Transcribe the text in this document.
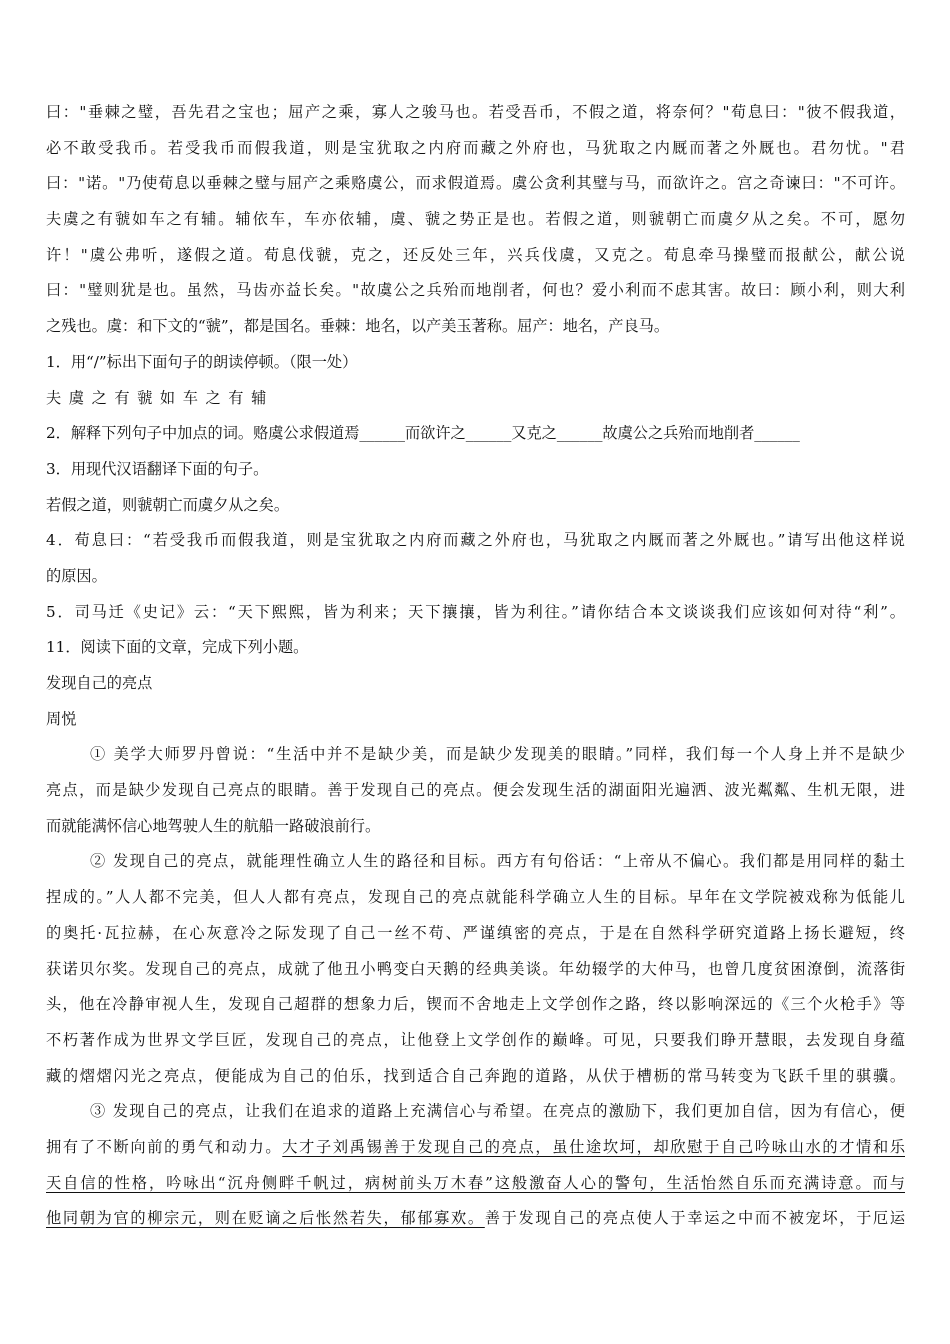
曰："垂棘之璧，吾先君之宝也；屈产之乘，寡人之骏马也。若受吾币，不假之道，将奈何？"荀息曰："彼不假我道，
必不敢受我币。若受我币而假我道，则是宝犹取之内府而藏之外府也，马犹取之内厩而著之外厩也。君勿忧。"君
曰："诺。"乃使荀息以垂棘之璧与屈产之乘赂虞公，而求假道焉。虞公贪利其璧与马，而欲许之。宫之奇谏曰："不可许。
夫虞之有虢如车之有辅。辅依车，车亦依辅，虞、虢之势正是也。若假之道，则虢朝亡而虞夕从之矣。不可，愿勿
许！"虞公弗听，遂假之道。荀息伐虢，克之，还反处三年，兴兵伐虞，又克之。荀息牵马操璧而报献公，献公说
曰："璧则犹是也。虽然，马齿亦益长矣。"故虞公之兵殆而地削者，何也？爱小利而不虑其害。故曰：顾小利，则大利
之残也。虞：和下文的“虢”，都是国名。垂棘：地名，以产美玉著称。屈产：地名，产良马。
1．用“/”标出下面句子的朗读停顿。（限一处）
夫虞之有虢如车之有辅
2．解释下列句子中加点的词。赂虞公求假道焉______而欲许之______又克之______故虞公之兵殆而地削者______
3．用现代汉语翻译下面的句子。
若假之道，则虢朝亡而虞夕从之矣。
4．荀息曰：“若受我币而假我道，则是宝犹取之内府而藏之外府也，马犹取之内厩而著之外厩也。”请写出他这样说
的原因。
5．司马迁《史记》云：“天下熙熙，皆为利来；天下攘攘，皆为利往。”请你结合本文谈谈我们应该如何对待“利”。
11．阅读下面的文章，完成下列小题。
发现自己的亮点
周悦
① 美学大师罗丹曾说：“生活中并不是缺少美，而是缺少发现美的眼睛。”同样，我们每一个人身上并不是缺少
亮点，而是缺少发现自己亮点的眼睛。善于发现自己的亮点。便会发现生活的湖面阳光遍洒、波光粼粼、生机无限，进
而就能满怀信心地驾驶人生的航船一路破浪前行。
② 发现自己的亮点，就能理性确立人生的路径和目标。西方有句俗话：“上帝从不偏心。我们都是用同样的黏土
捏成的。”人人都不完美，但人人都有亮点，发现自己的亮点就能科学确立人生的目标。早年在文学院被戏称为低能儿
的奥托·瓦拉赫，在心灰意冷之际发现了自己一丝不苟、严谨缜密的亮点，于是在自然科学研究道路上扬长避短，终
获诺贝尔奖。发现自己的亮点，成就了他丑小鸭变白天鹅的经典美谈。年幼辍学的大仲马，也曾几度贫困潦倒，流落街
头，他在冷静审视人生，发现自己超群的想象力后，锲而不舍地走上文学创作之路，终以影响深远的《三个火枪手》等
不朽著作成为世界文学巨匠，发现自己的亮点，让他登上文学创作的巅峰。可见，只要我们睁开慧眼，去发现自身蕴
藏的熠熠闪光之亮点，便能成为自己的伯乐，找到适合自己奔跑的道路，从伏于槽枥的常马转变为飞跃千里的骐骥。
③ 发现自己的亮点，让我们在追求的道路上充满信心与希望。在亮点的激励下，我们更加自信，因为有信心，便
拥有了不断向前的勇气和动力。大才子刘禹锡善于发现自己的亮点，虽仕途坎坷，却欣慰于自己吟咏山水的才情和乐
天自信的性格，吟咏出“沉舟侧畔千帆过，病树前头万木春”这般激奋人心的警句，生活怡然自乐而充满诗意。而与
他同朝为官的柳宗元，则在贬谪之后怅然若失，郁郁寡欢。善于发现自己的亮点使人于幸运之中而不被宠坏，于厄运
